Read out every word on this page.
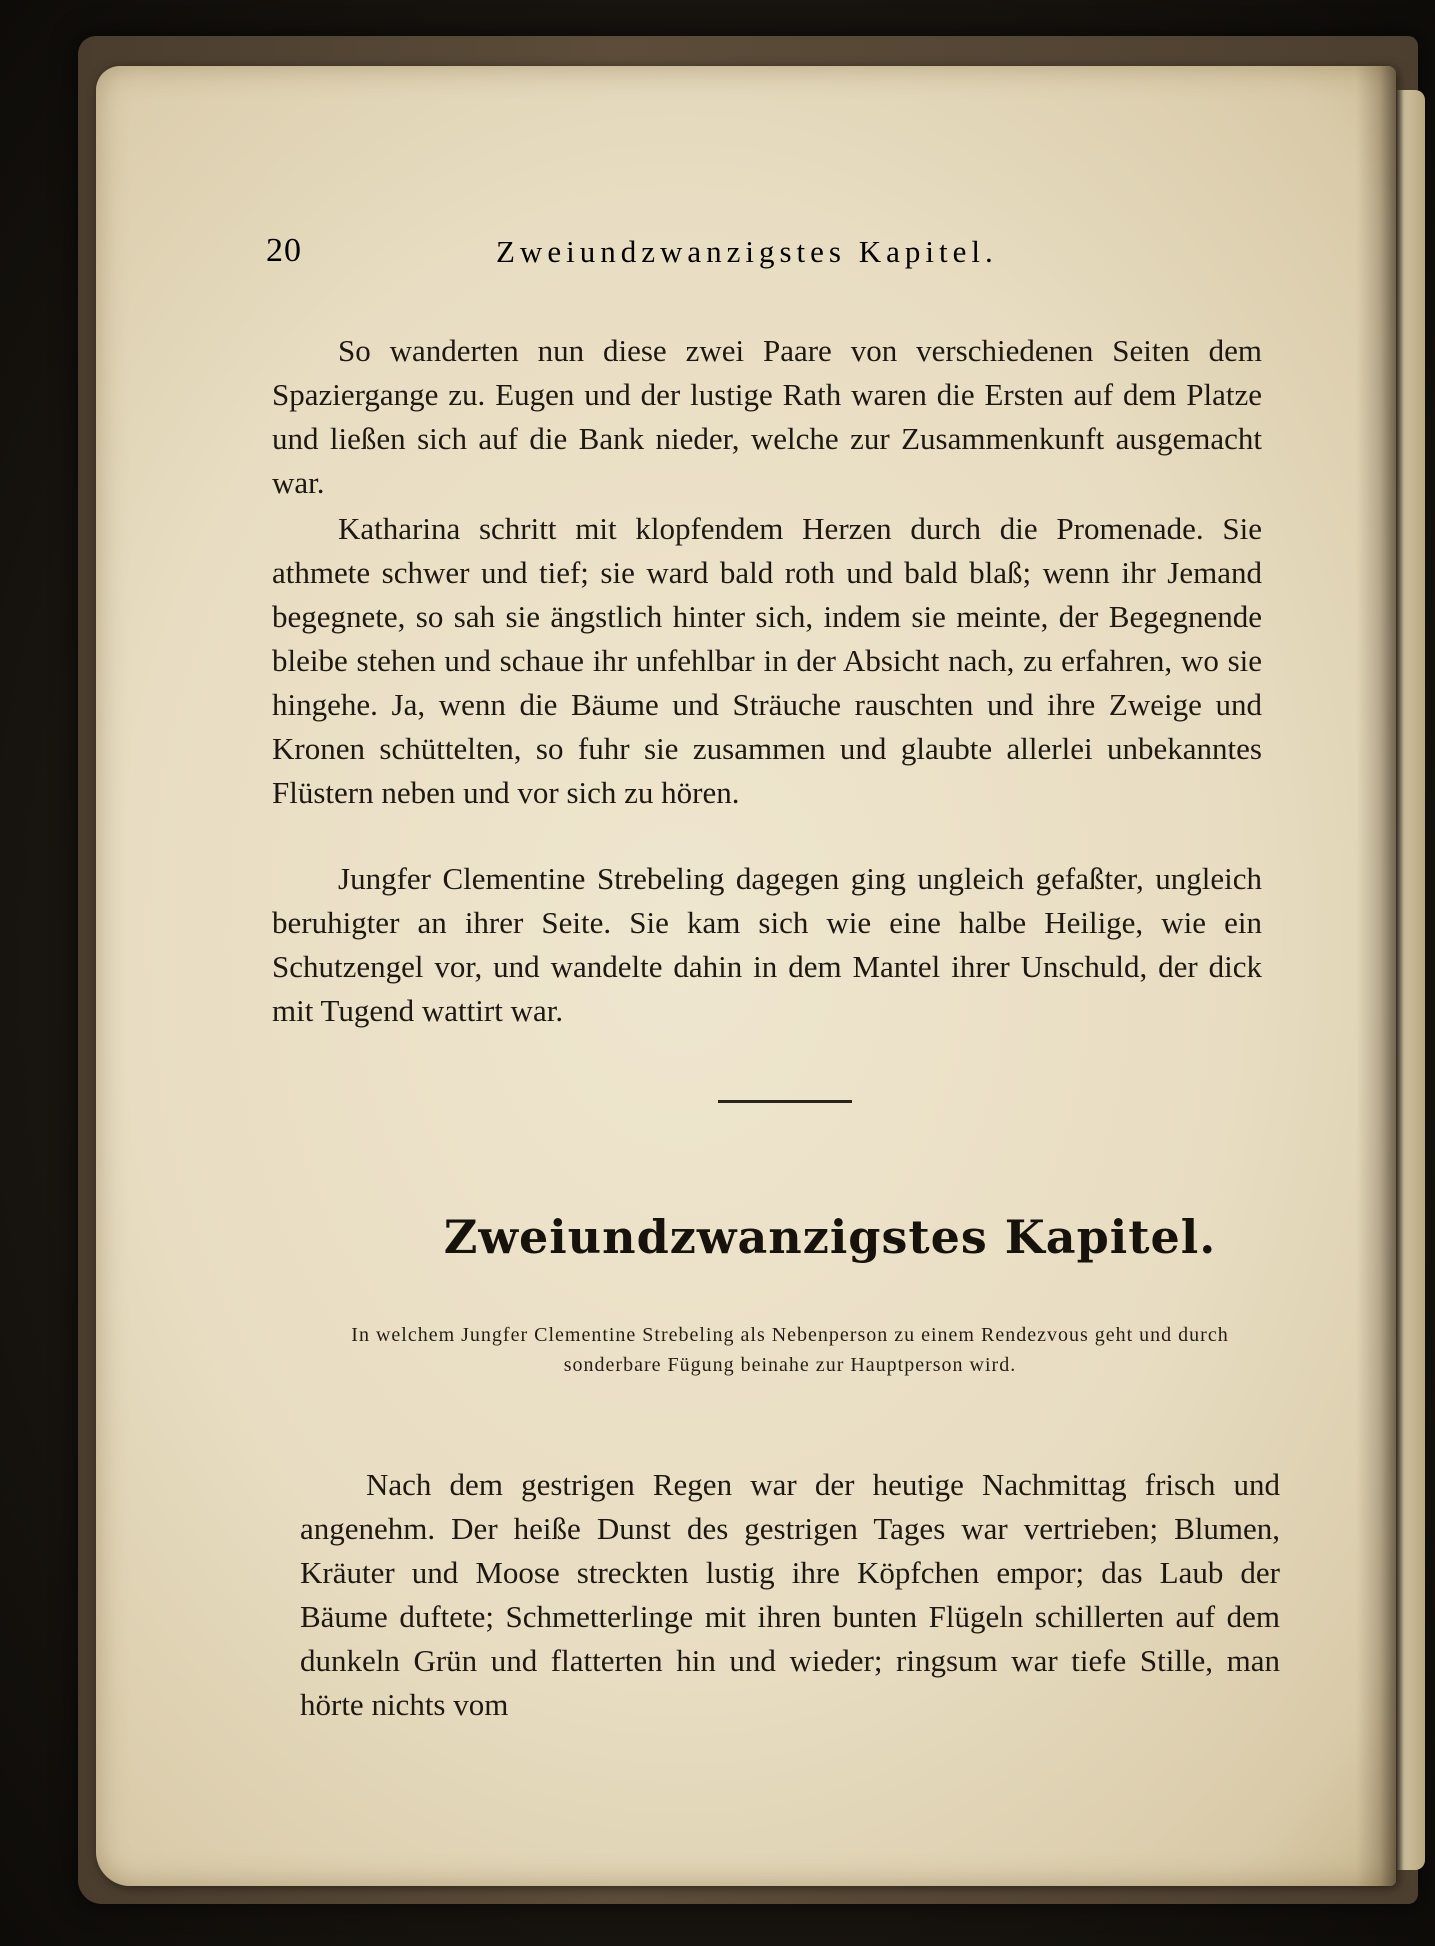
20	Zweiundzwanzigstes Kapitel.

So wanderten nun diese zwei Paare von verschiedenen Seiten dem Spaziergange zu. Eugen und der lustige Rath waren die Ersten auf dem Platze und ließen sich auf die Bank nieder, welche zur Zusammenkunft ausgemacht war.

Katharina schritt mit klopfendem Herzen durch die Promenade. Sie athmete schwer und tief; sie ward bald roth und bald blaß; wenn ihr Jemand begegnete, so sah sie ängstlich hinter sich, indem sie meinte, der Begegnende bleibe stehen und schaue ihr unfehlbar in der Absicht nach, zu erfahren, wo sie hingehe. Ja, wenn die Bäume und Sträuche rauschten und ihre Zweige und Kronen schüttelten, so fuhr sie zusammen und glaubte allerlei unbekanntes Flüstern neben und vor sich zu hören.

Jungfer Clementine Strebeling dagegen ging ungleich gefaßter, ungleich beruhigter an ihrer Seite. Sie kam sich wie eine halbe Heilige, wie ein Schutzengel vor, und wandelte dahin in dem Mantel ihrer Unschuld, der dick mit Tugend wattirt war.

Zweiundzwanzigstes Kapitel.
In welchem Jungfer Clementine Strebeling als Nebenperson zu einem Rendezvous geht und durch sonderbare Fügung beinahe zur Hauptperson wird.

Nach dem gestrigen Regen war der heutige Nachmittag frisch und angenehm. Der heiße Dunst des gestrigen Tages war vertrieben; Blumen, Kräuter und Moose streckten lustig ihre Köpfchen empor; das Laub der Bäume duftete; Schmetterlinge mit ihren bunten Flügeln schillerten auf dem dunkeln Grün und flatterten hin und wieder; ringsum war tiefe Stille, man hörte nichts vom
